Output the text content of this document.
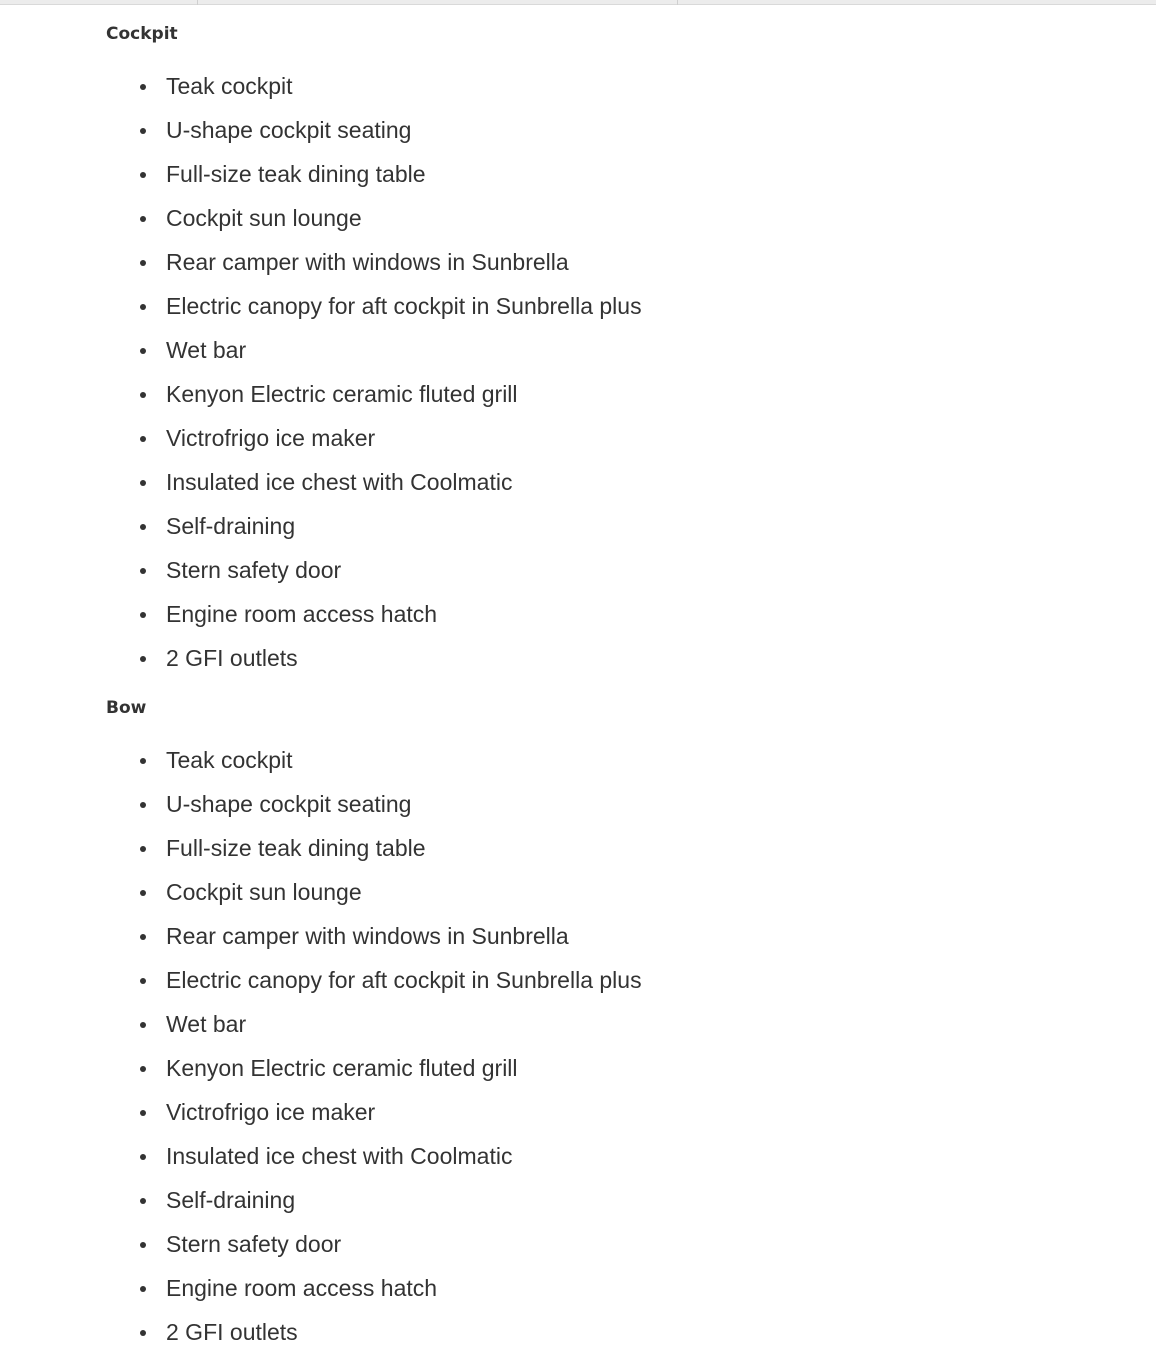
Cockpit
Teak cockpit
U-shape cockpit seating
Full-size teak dining table
Cockpit sun lounge
Rear camper with windows in Sunbrella
Electric canopy for aft cockpit in Sunbrella plus
Wet bar
Kenyon Electric ceramic fluted grill
Victrofrigo ice maker
Insulated ice chest with Coolmatic
Self-draining
Stern safety door
Engine room access hatch
2 GFI outlets
Bow
Teak cockpit
U-shape cockpit seating
Full-size teak dining table
Cockpit sun lounge
Rear camper with windows in Sunbrella
Electric canopy for aft cockpit in Sunbrella plus
Wet bar
Kenyon Electric ceramic fluted grill
Victrofrigo ice maker
Insulated ice chest with Coolmatic
Self-draining
Stern safety door
Engine room access hatch
2 GFI outlets
